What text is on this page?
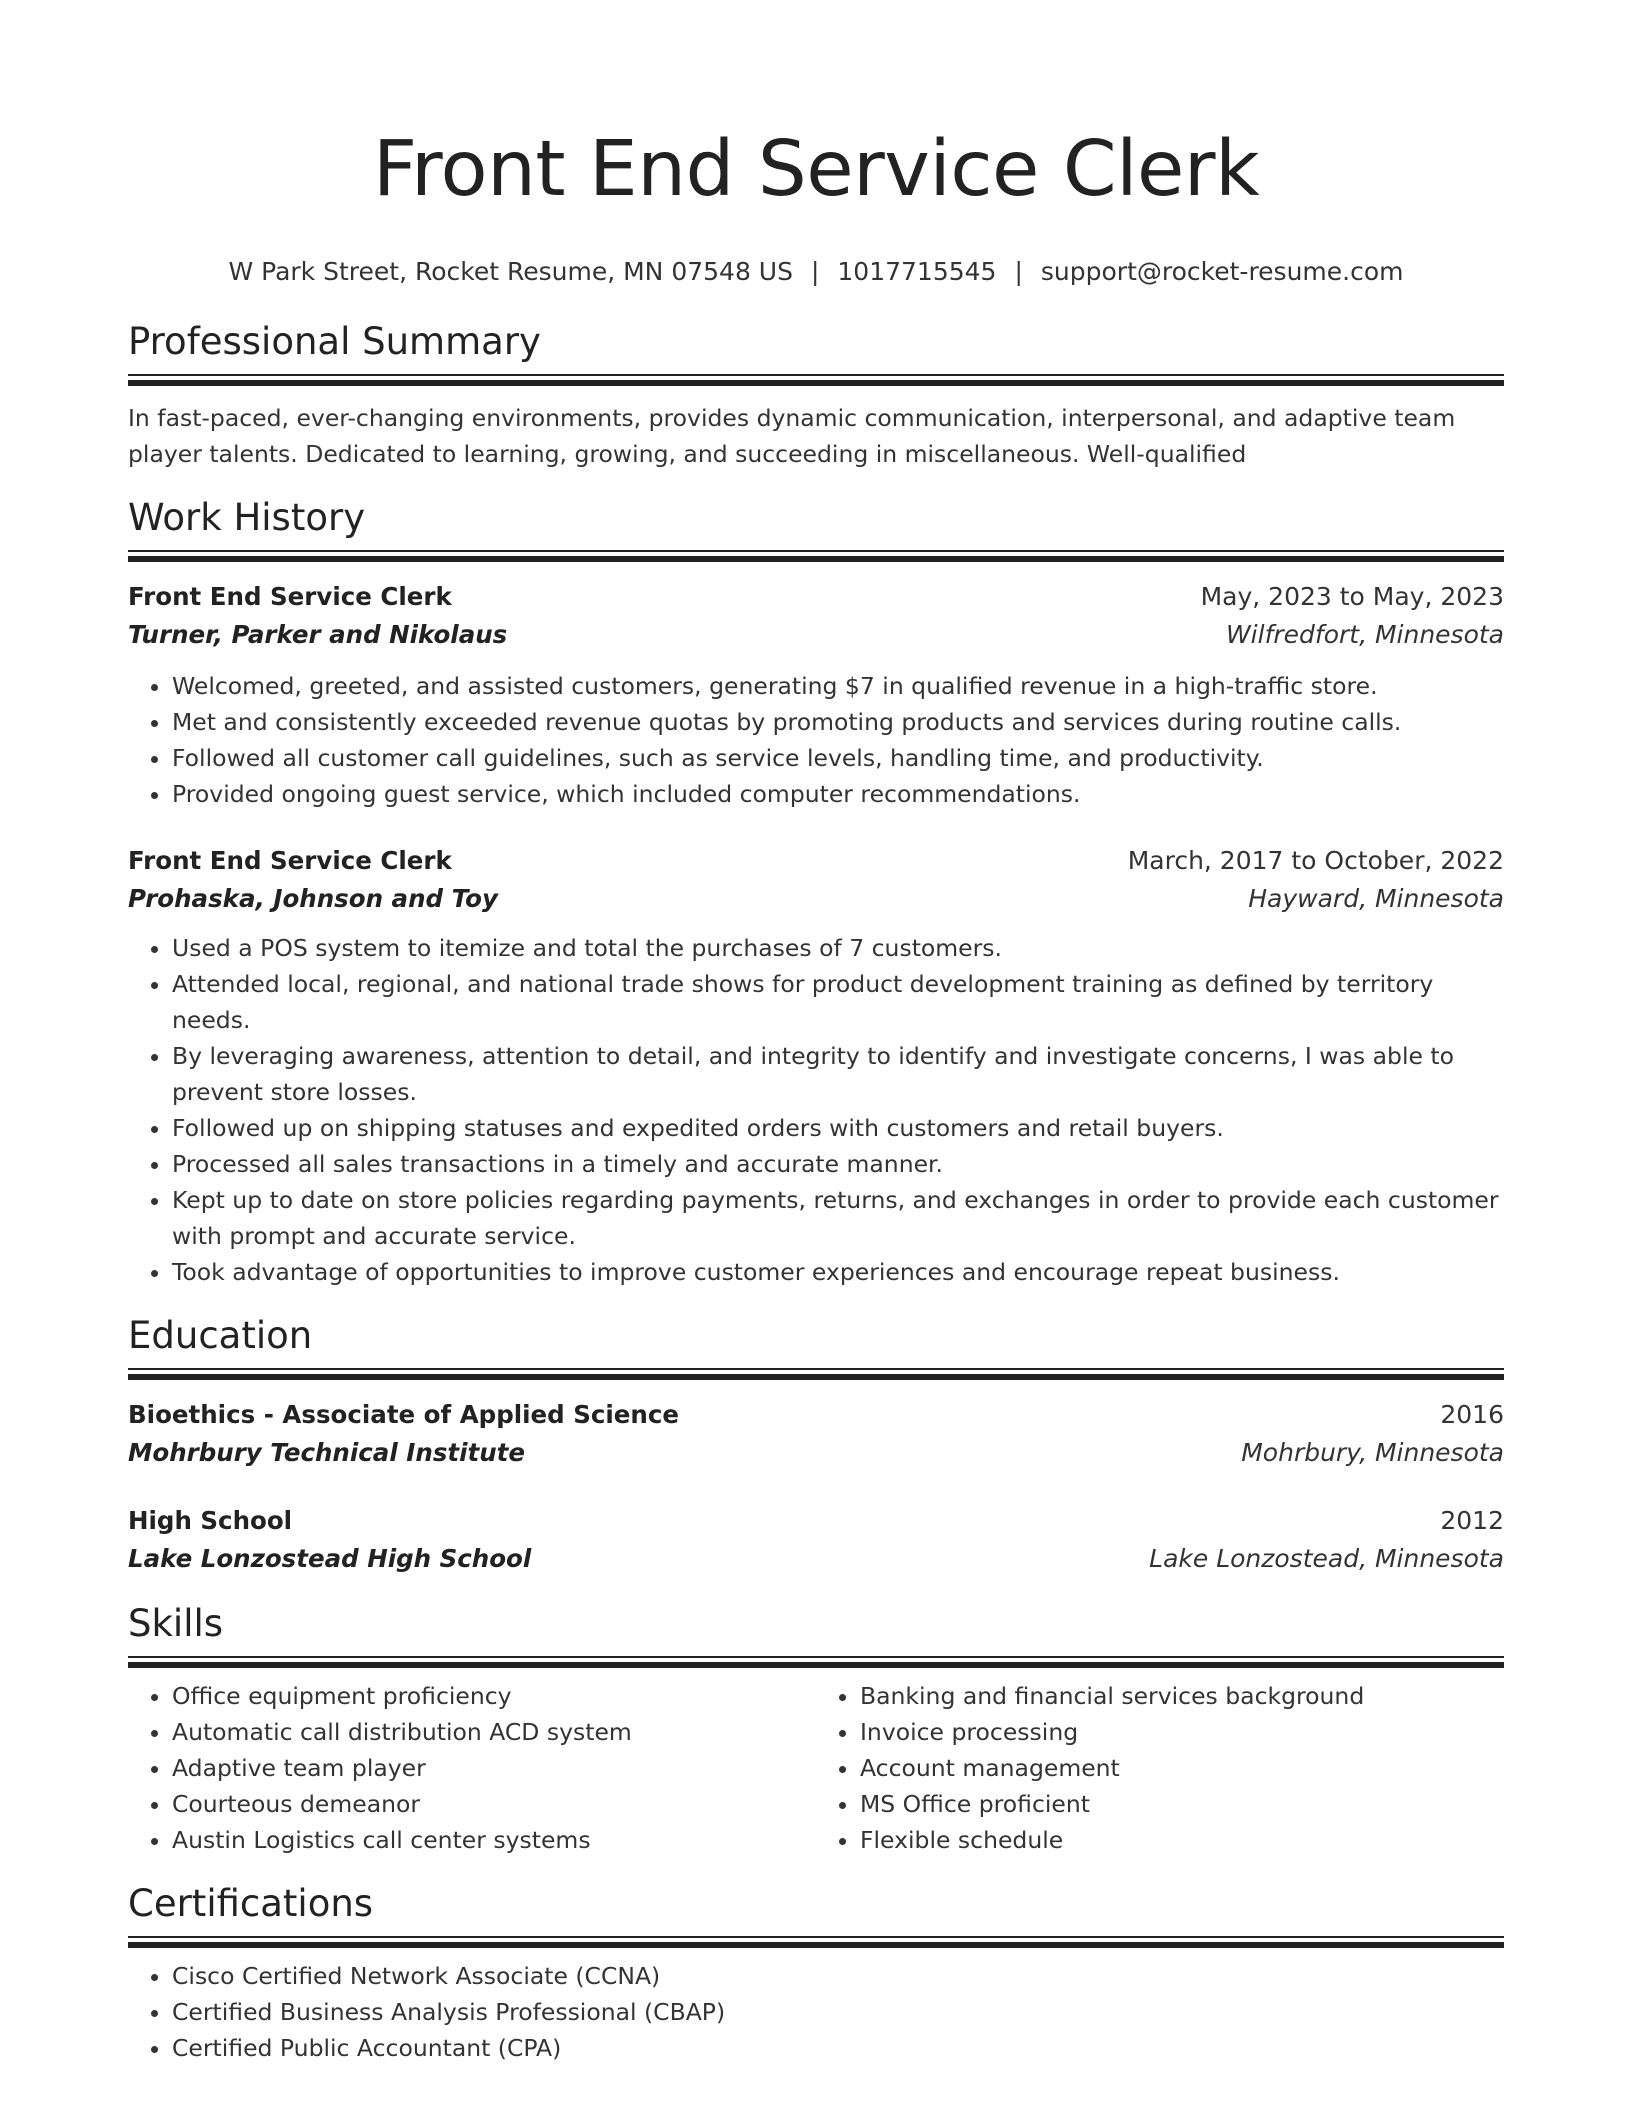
Front End Service Clerk
W Park Street, Rocket Resume, MN 07548 US | 1017715545 | support@rocket-resume.com
Professional Summary
In fast-paced, ever-changing environments, provides dynamic communication, interpersonal, and adaptive team player talents. Dedicated to learning, growing, and succeeding in miscellaneous. Well-qualified
Work History
Front End Service Clerk	May, 2023 to May, 2023
Turner, Parker and Nikolaus	Wilfredfort, Minnesota
• Welcomed, greeted, and assisted customers, generating $7 in qualified revenue in a high-traffic store.
• Met and consistently exceeded revenue quotas by promoting products and services during routine calls.
• Followed all customer call guidelines, such as service levels, handling time, and productivity.
• Provided ongoing guest service, which included computer recommendations.
Front End Service Clerk	March, 2017 to October, 2022
Prohaska, Johnson and Toy	Hayward, Minnesota
• Used a POS system to itemize and total the purchases of 7 customers.
• Attended local, regional, and national trade shows for product development training as defined by territory needs.
• By leveraging awareness, attention to detail, and integrity to identify and investigate concerns, I was able to prevent store losses.
• Followed up on shipping statuses and expedited orders with customers and retail buyers.
• Processed all sales transactions in a timely and accurate manner.
• Kept up to date on store policies regarding payments, returns, and exchanges in order to provide each customer with prompt and accurate service.
• Took advantage of opportunities to improve customer experiences and encourage repeat business.
Education
Bioethics - Associate of Applied Science	2016
Mohrbury Technical Institute	Mohrbury, Minnesota
High School	2012
Lake Lonzostead High School	Lake Lonzostead, Minnesota
Skills
• Office equipment proficiency
• Automatic call distribution ACD system
• Adaptive team player
• Courteous demeanor
• Austin Logistics call center systems
• Banking and financial services background
• Invoice processing
• Account management
• MS Office proficient
• Flexible schedule
Certifications
• Cisco Certified Network Associate (CCNA)
• Certified Business Analysis Professional (CBAP)
• Certified Public Accountant (CPA)
